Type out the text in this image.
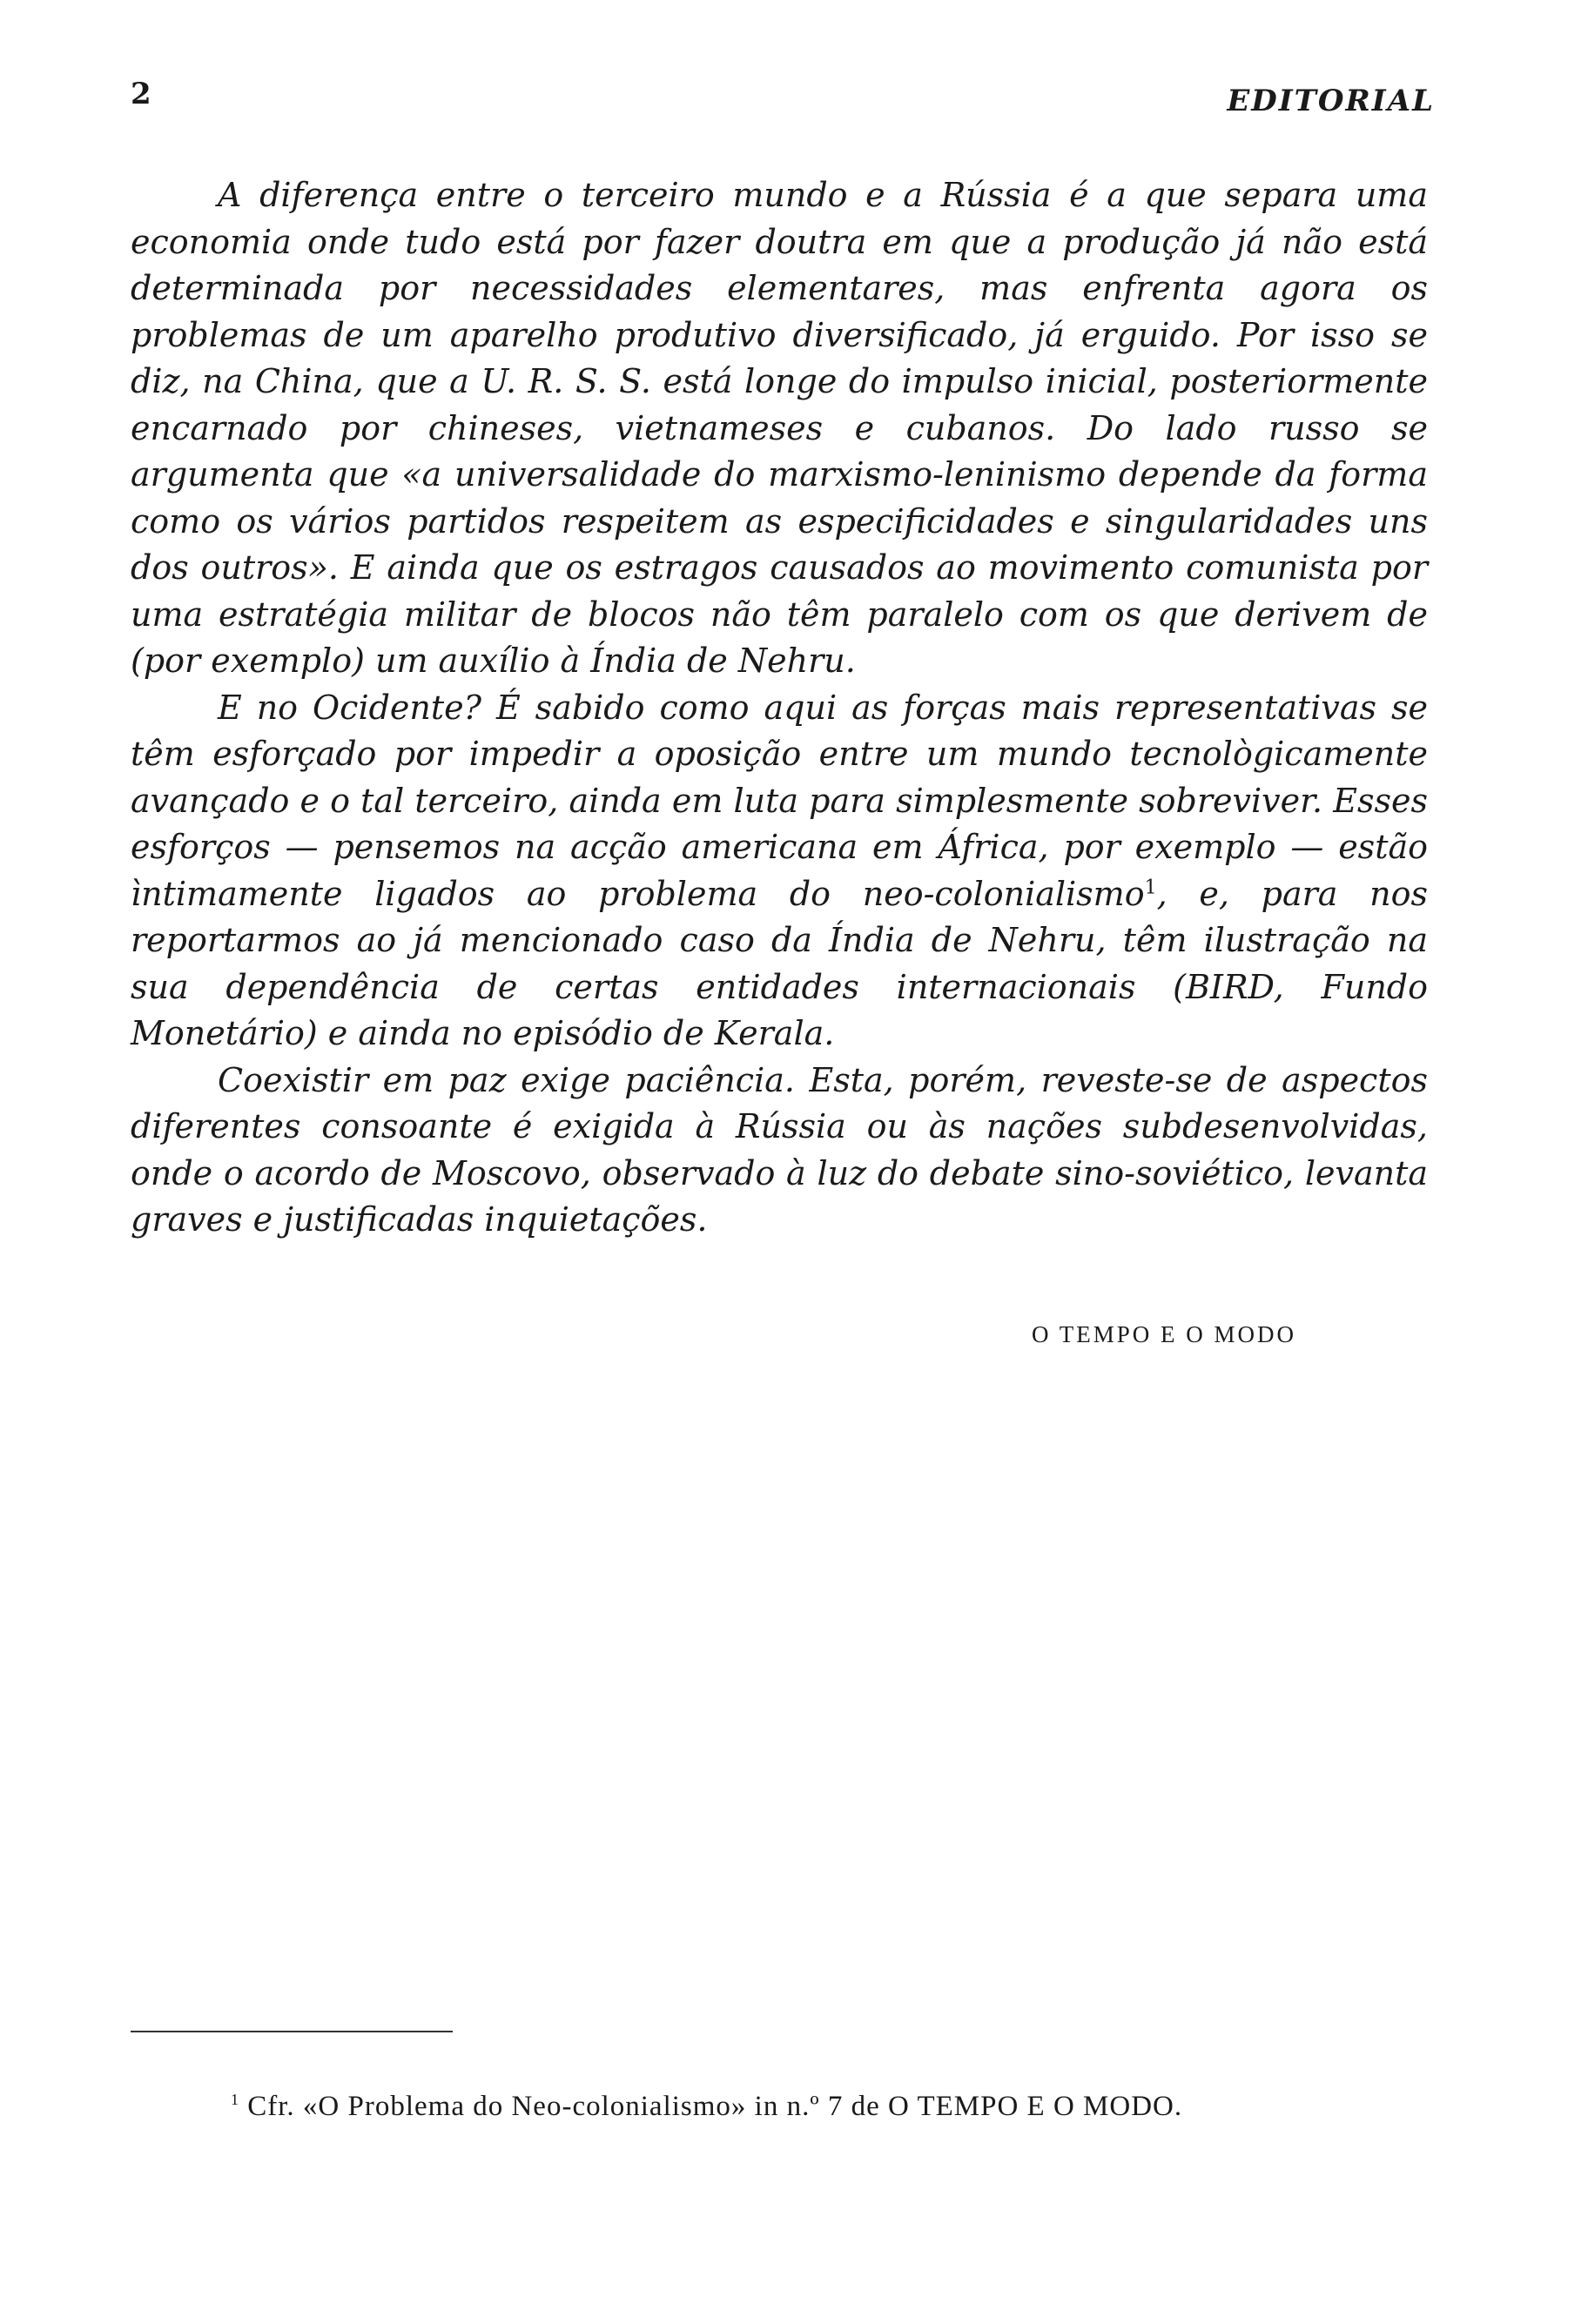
2	EDITORIAL

A diferença entre o terceiro mundo e a Rússia é a que separa uma economia onde tudo está por fazer doutra em que a produção já não está determinada por necessidades elementares, mas enfrenta agora os problemas de um aparelho produtivo diversificado, já erguido. Por isso se diz, na China, que a U. R. S. S. está longe do impulso inicial, posteriormente encarnado por chineses, vietnameses e cubanos. Do lado russo se argumenta que «a universalidade do marxismo-leninismo depende da forma como os vários partidos respeitem as especificidades e singularidades uns dos outros». E ainda que os estragos causados ao movimento comunista por uma estratégia militar de blocos não têm paralelo com os que derivem de (por exemplo) um auxílio à Índia de Nehru.

E no Ocidente? É sabido como aqui as forças mais representativas se têm esforçado por impedir a oposição entre um mundo tecnològicamente avançado e o tal terceiro, ainda em luta para simplesmente sobreviver. Esses esforços — pensemos na acção americana em África, por exemplo — estão ìntimamente ligados ao problema do neo-colonialismo$^1$, e, para nos reportarmos ao já mencionado caso da Índia de Nehru, têm ilustração na sua dependência de certas entidades internacionais (BIRD, Fundo Monetário) e ainda no episódio de Kerala.

Coexistir em paz exige paciência. Esta, porém, reveste-se de aspectos diferentes consoante é exigida à Rússia ou às nações subdesenvolvidas, onde o acordo de Moscovo, observado à luz do debate sino-soviético, levanta graves e justificadas inquietações.

O TEMPO E O MODO
$^1$ Cfr. «O Problema do Neo-colonialismo» in n.º 7 de O TEMPO E O MODO.
